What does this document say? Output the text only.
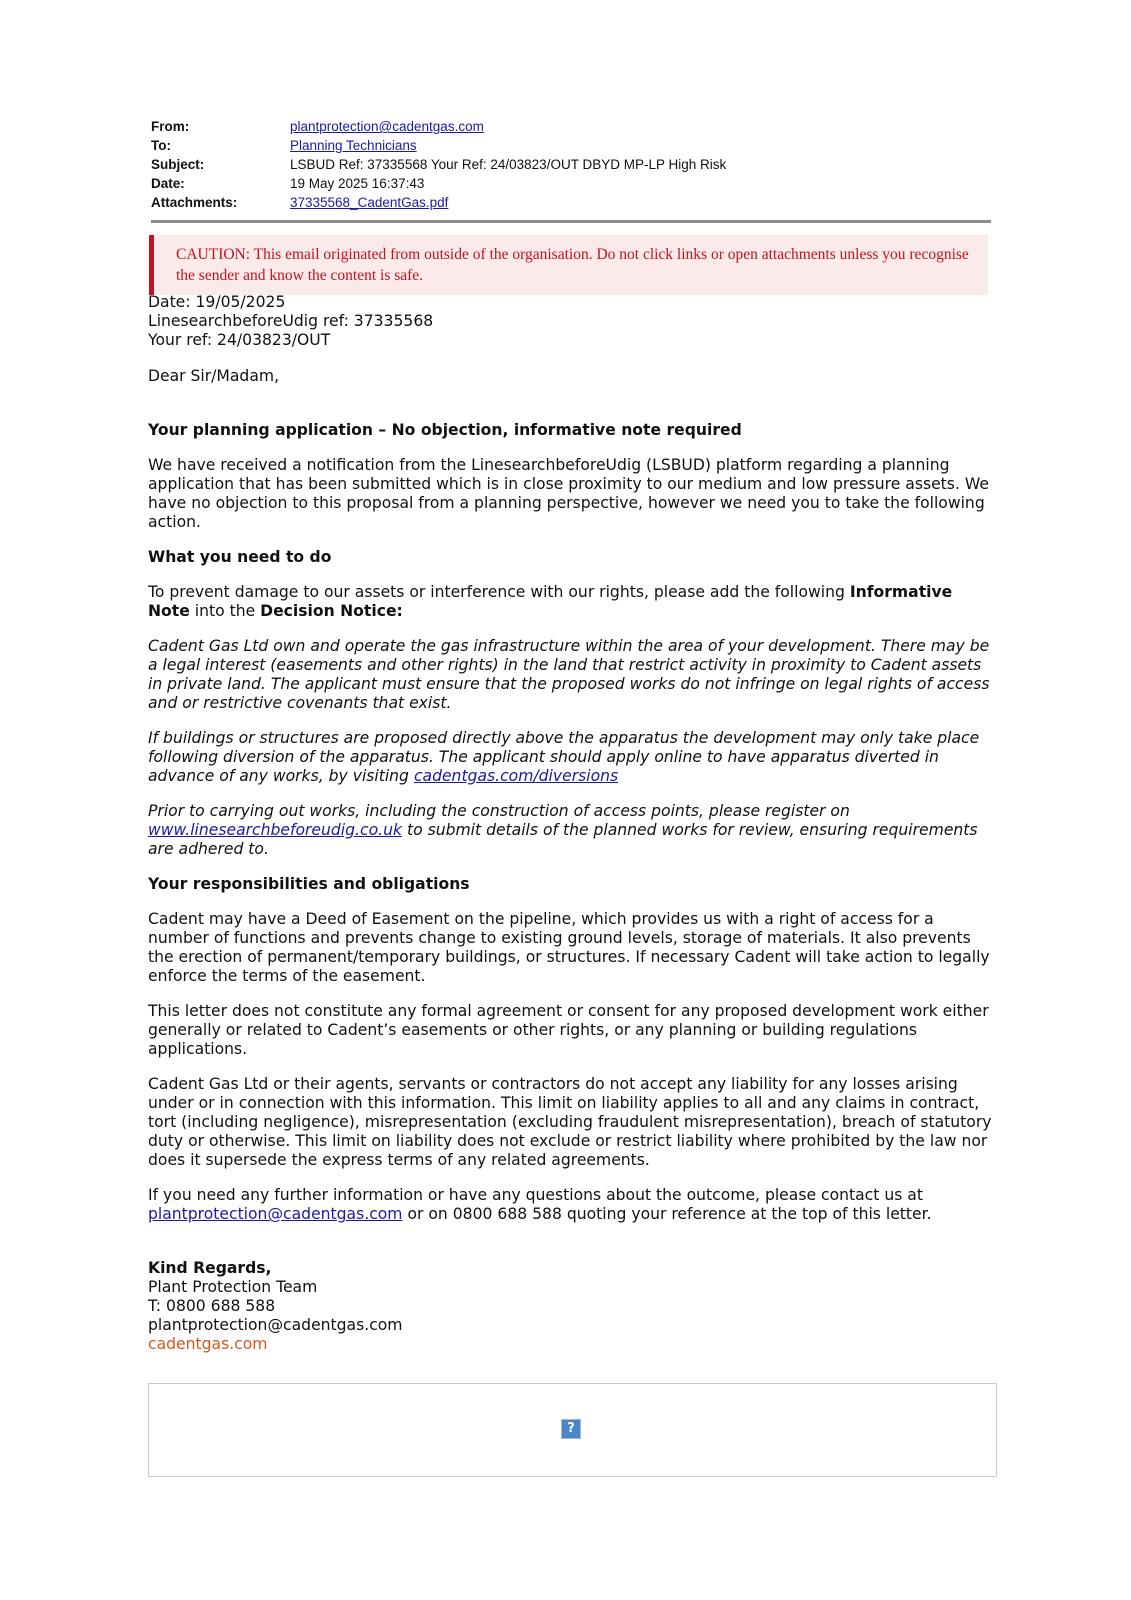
From:	plantprotection@cadentgas.com
To:	Planning Technicians
Subject:	LSBUD Ref: 37335568 Your Ref: 24/03823/OUT DBYD MP-LP High Risk
Date:	19 May 2025 16:37:43
Attachments:	37335568_CadentGas.pdf
CAUTION: This email originated from outside of the organisation. Do not click links or open attachments unless you recognise the sender and know the content is safe.
Date: 19/05/2025
LinesearchbeforeUdig ref: 37335568
Your ref: 24/03823/OUT

Dear Sir/Madam,

Your planning application – No objection, informative note required

We have received a notification from the LinesearchbeforeUdig (LSBUD) platform regarding a planning application that has been submitted which is in close proximity to our medium and low pressure assets. We have no objection to this proposal from a planning perspective, however we need you to take the following action.

What you need to do

To prevent damage to our assets or interference with our rights, please add the following Informative Note into the Decision Notice:

Cadent Gas Ltd own and operate the gas infrastructure within the area of your development. There may be a legal interest (easements and other rights) in the land that restrict activity in proximity to Cadent assets in private land. The applicant must ensure that the proposed works do not infringe on legal rights of access and or restrictive covenants that exist.

If buildings or structures are proposed directly above the apparatus the development may only take place following diversion of the apparatus. The applicant should apply online to have apparatus diverted in advance of any works, by visiting cadentgas.com/diversions

Prior to carrying out works, including the construction of access points, please register on www.linesearchbeforeudig.co.uk to submit details of the planned works for review, ensuring requirements are adhered to.

Your responsibilities and obligations

Cadent may have a Deed of Easement on the pipeline, which provides us with a right of access for a number of functions and prevents change to existing ground levels, storage of materials. It also prevents the erection of permanent/temporary buildings, or structures. If necessary Cadent will take action to legally enforce the terms of the easement.

This letter does not constitute any formal agreement or consent for any proposed development work either generally or related to Cadent’s easements or other rights, or any planning or building regulations applications.

Cadent Gas Ltd or their agents, servants or contractors do not accept any liability for any losses arising under or in connection with this information. This limit on liability applies to all and any claims in contract, tort (including negligence), misrepresentation (excluding fraudulent misrepresentation), breach of statutory duty or otherwise. This limit on liability does not exclude or restrict liability where prohibited by the law nor does it supersede the express terms of any related agreements.

If you need any further information or have any questions about the outcome, please contact us at plantprotection@cadentgas.com or on 0800 688 588 quoting your reference at the top of this letter.

Kind Regards,
Plant Protection Team
T: 0800 688 588
plantprotection@cadentgas.com
cadentgas.com
?
